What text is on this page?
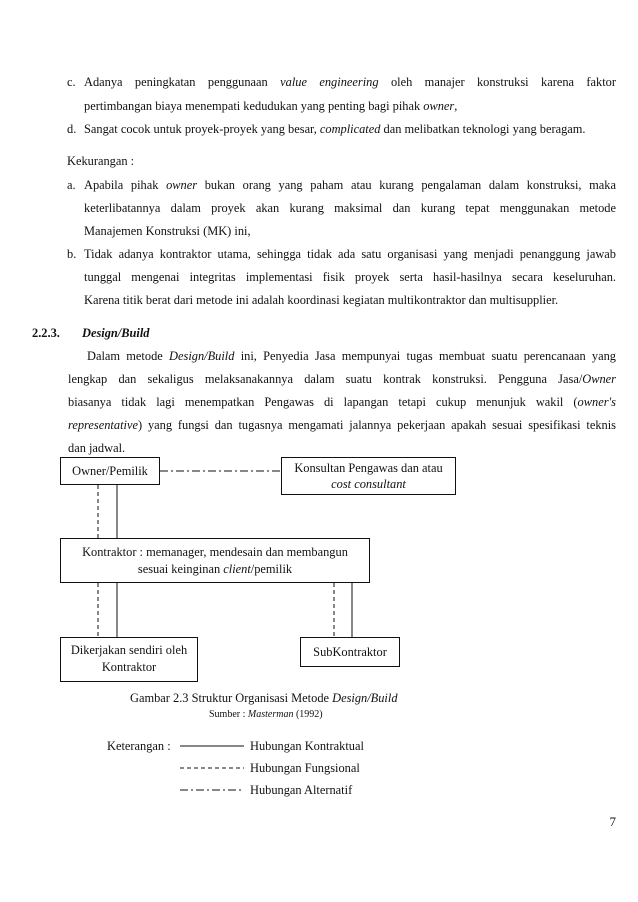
c. Adanya peningkatan penggunaan value engineering oleh manajer konstruksi karena faktor
pertimbangan biaya menempati kedudukan yang penting bagi pihak owner,
d. Sangat cocok untuk proyek-proyek yang besar, complicated dan melibatkan teknologi yang beragam.
Kekurangan :
a. Apabila pihak owner bukan orang yang paham atau kurang pengalaman dalam konstruksi, maka
keterlibatannya dalam proyek akan kurang maksimal dan kurang tepat menggunakan metode
Manajemen Konstruksi (MK) ini,
b. Tidak adanya kontraktor utama, sehingga tidak ada satu organisasi yang menjadi penanggung jawab
tunggal mengenai integritas implementasi fisik proyek serta hasil-hasilnya secara keseluruhan.
Karena titik berat dari metode ini adalah koordinasi kegiatan multikontraktor dan multisupplier.
2.2.3. Design/Build
Dalam metode Design/Build ini, Penyedia Jasa mempunyai tugas membuat suatu perencanaan yang
lengkap dan sekaligus melaksanakannya dalam suatu kontrak konstruksi. Pengguna Jasa/Owner
biasanya tidak lagi menempatkan Pengawas di lapangan tetapi cukup menunjuk wakil (owner's
representative) yang fungsi dan tugasnya mengamati jalannya pekerjaan apakah sesuai spesifikasi teknis
dan jadwal.
Owner/Pemilik	Konsultan Pengawas dan atau
cost consultant
Kontraktor : memanager, mendesain dan membangun
sesuai keinginan client/pemilik
Dikerjakan sendiri oleh
Kontraktor
SubKontraktor
Gambar 2.3 Struktur Organisasi Metode Design/Build
Sumber : Masterman (1992)
Keterangan :	Hubungan Kontraktual
Hubungan Fungsional
Hubungan Alternatif
7
